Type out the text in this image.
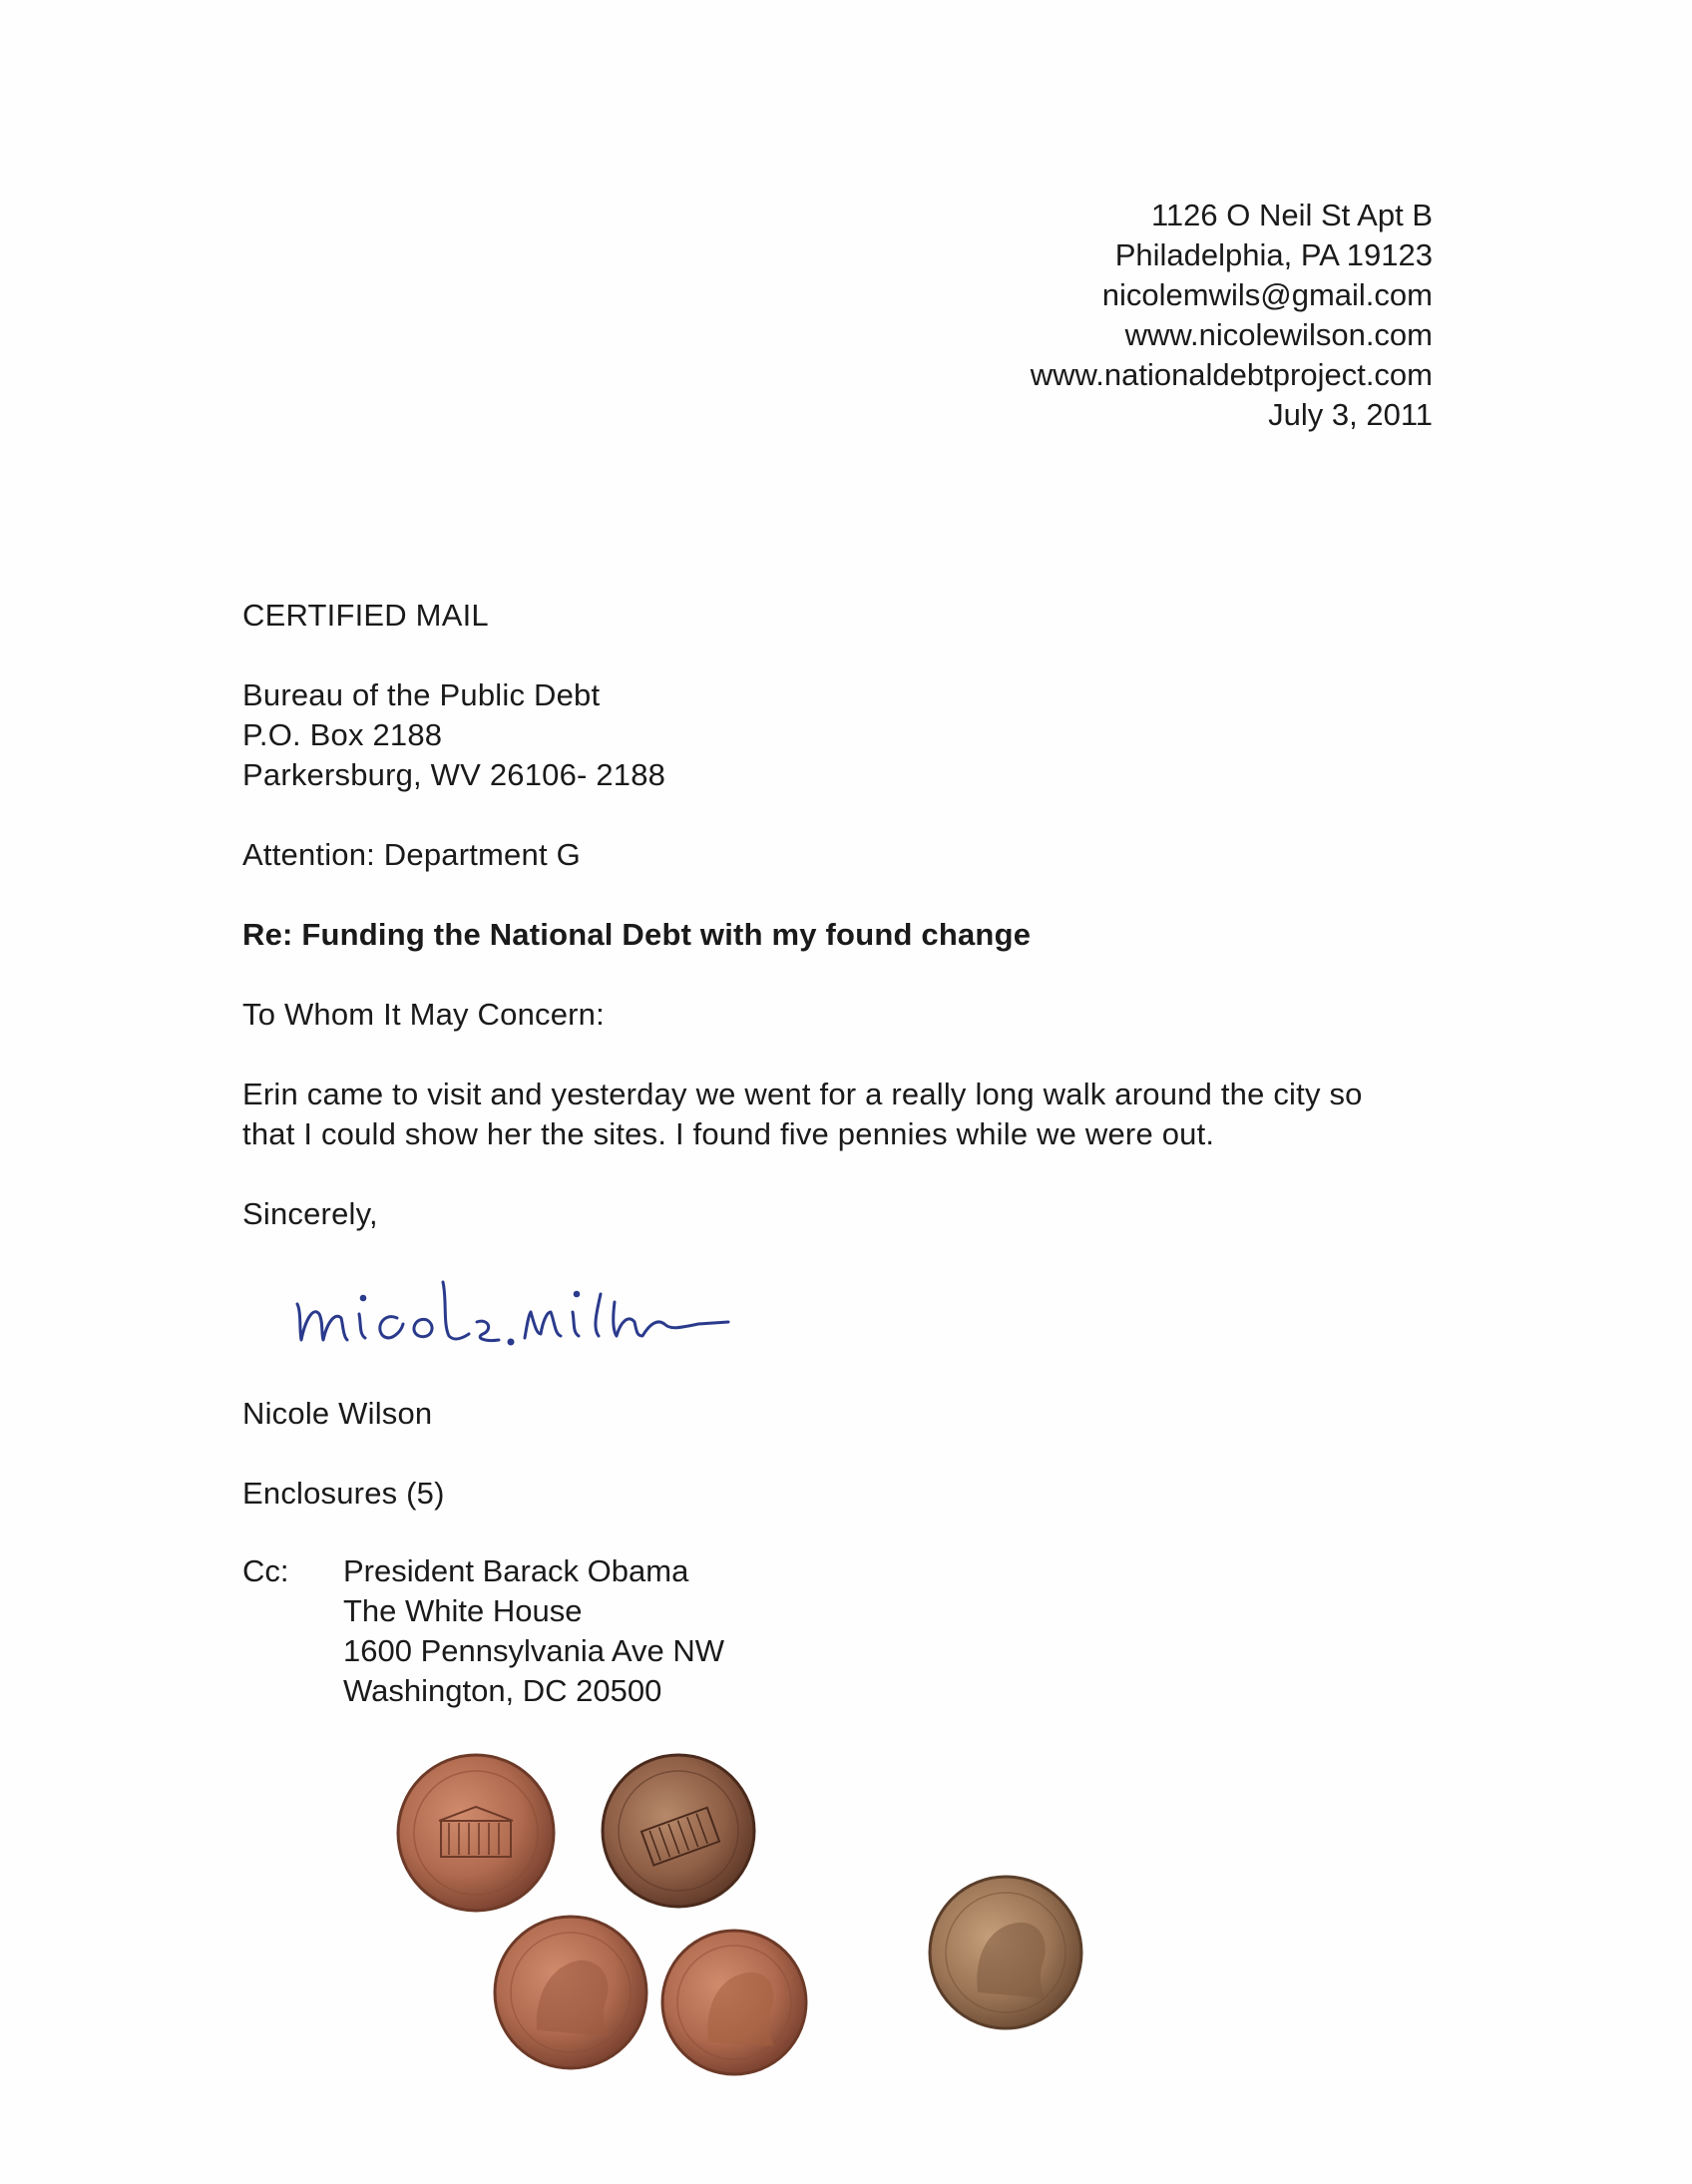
1126 O Neil St Apt B
Philadelphia, PA 19123
nicolemwils@gmail.com
www.nicolewilson.com
www.nationaldebtproject.com
July 3, 2011
CERTIFIED MAIL
Bureau of the Public Debt
P.O. Box 2188
Parkersburg, WV 26106- 2188
Attention: Department G
Re: Funding the National Debt with my found change
To Whom It May Concern:
Erin came to visit and yesterday we went for a really long walk around the city so
that I could show her the sites. I found five pennies while we were out.
Sincerely,
Nicole Wilson
Enclosures (5)
Cc: President Barack Obama
The White House
1600 Pennsylvania Ave NW
Washington, DC 20500
